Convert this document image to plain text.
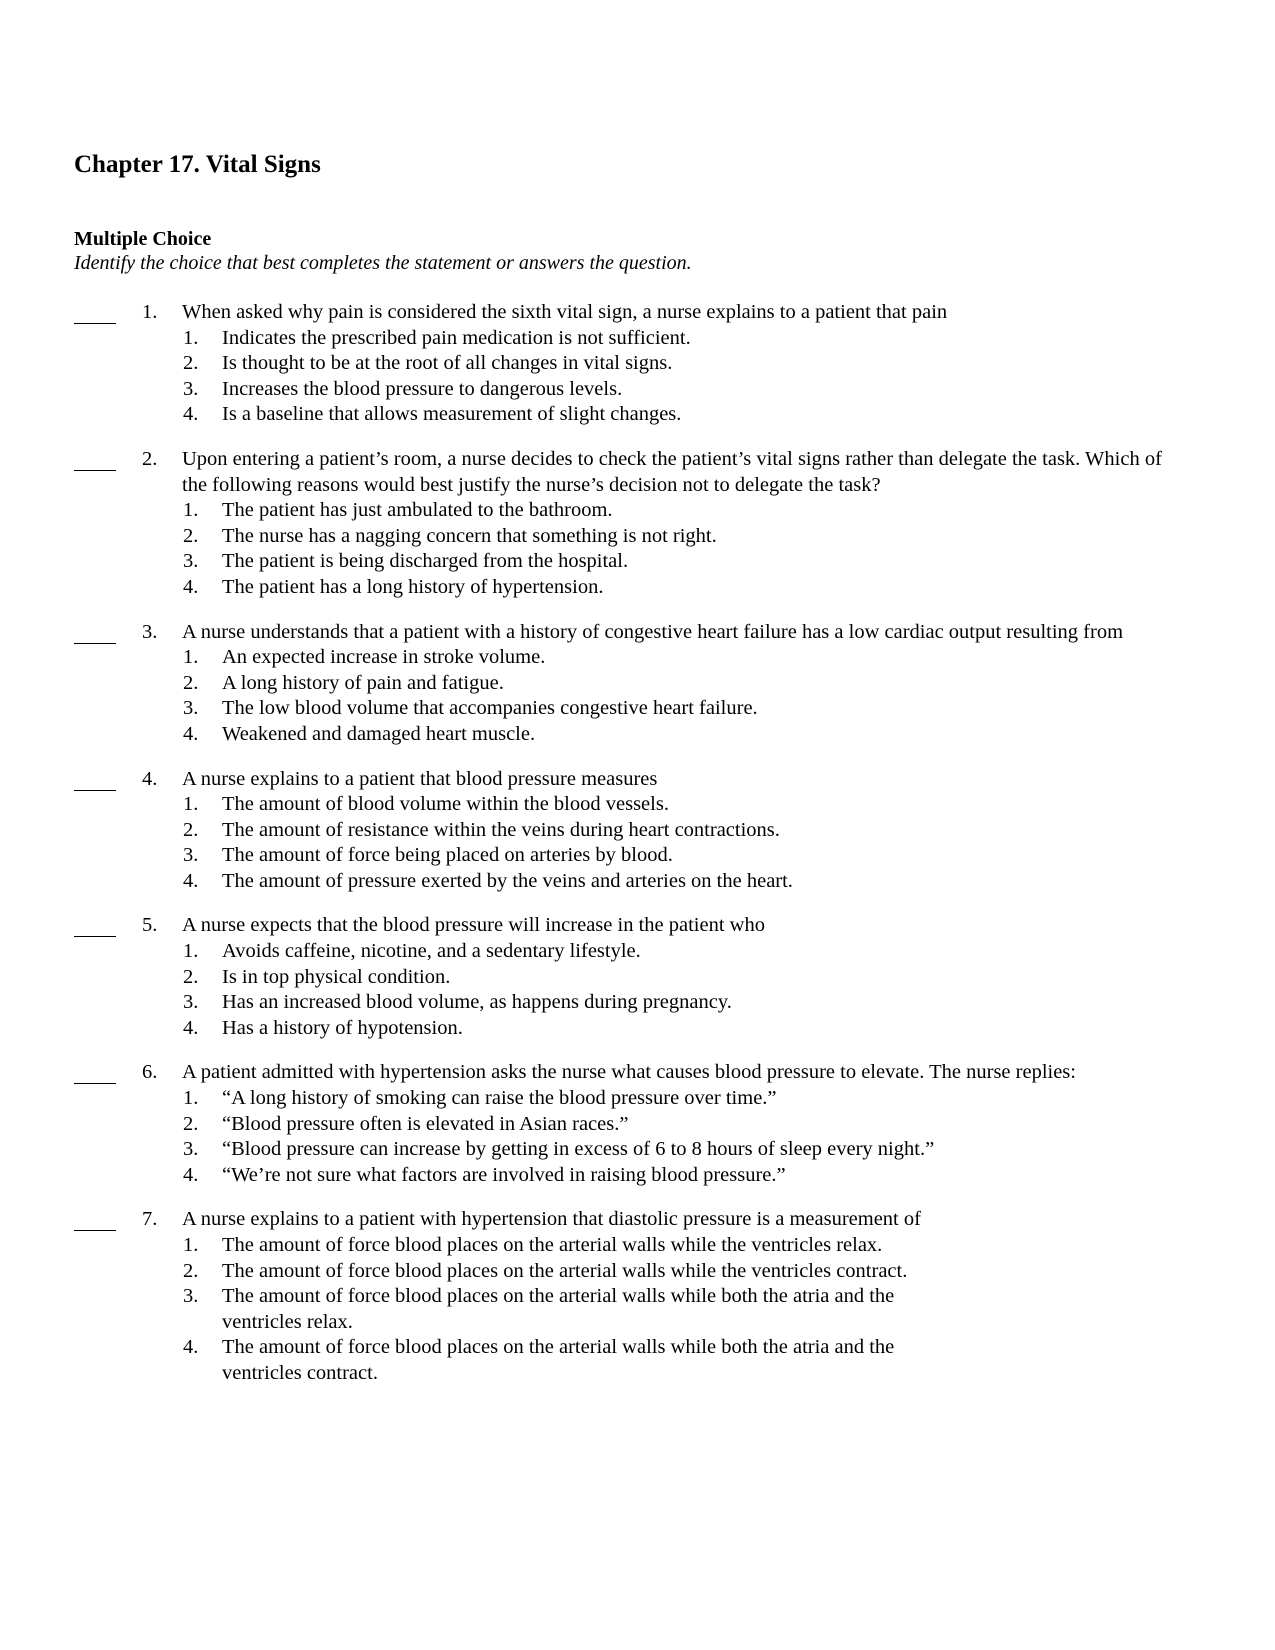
Chapter 17. Vital Signs
Multiple Choice
Identify the choice that best completes the statement or answers the question.
1. When asked why pain is considered the sixth vital sign, a nurse explains to a patient that pain
1. Indicates the prescribed pain medication is not sufficient.
2. Is thought to be at the root of all changes in vital signs.
3. Increases the blood pressure to dangerous levels.
4. Is a baseline that allows measurement of slight changes.
2. Upon entering a patient’s room, a nurse decides to check the patient’s vital signs rather than delegate the task. Which of the following reasons would best justify the nurse’s decision not to delegate the task?
1. The patient has just ambulated to the bathroom.
2. The nurse has a nagging concern that something is not right.
3. The patient is being discharged from the hospital.
4. The patient has a long history of hypertension.
3. A nurse understands that a patient with a history of congestive heart failure has a low cardiac output resulting from
1. An expected increase in stroke volume.
2. A long history of pain and fatigue.
3. The low blood volume that accompanies congestive heart failure.
4. Weakened and damaged heart muscle.
4. A nurse explains to a patient that blood pressure measures
1. The amount of blood volume within the blood vessels.
2. The amount of resistance within the veins during heart contractions.
3. The amount of force being placed on arteries by blood.
4. The amount of pressure exerted by the veins and arteries on the heart.
5. A nurse expects that the blood pressure will increase in the patient who
1. Avoids caffeine, nicotine, and a sedentary lifestyle.
2. Is in top physical condition.
3. Has an increased blood volume, as happens during pregnancy.
4. Has a history of hypotension.
6. A patient admitted with hypertension asks the nurse what causes blood pressure to elevate. The nurse replies:
1. “A long history of smoking can raise the blood pressure over time.”
2. “Blood pressure often is elevated in Asian races.”
3. “Blood pressure can increase by getting in excess of 6 to 8 hours of sleep every night.”
4. “We’re not sure what factors are involved in raising blood pressure.”
7. A nurse explains to a patient with hypertension that diastolic pressure is a measurement of
1. The amount of force blood places on the arterial walls while the ventricles relax.
2. The amount of force blood places on the arterial walls while the ventricles contract.
3. The amount of force blood places on the arterial walls while both the atria and the ventricles relax.
4. The amount of force blood places on the arterial walls while both the atria and the ventricles contract.
